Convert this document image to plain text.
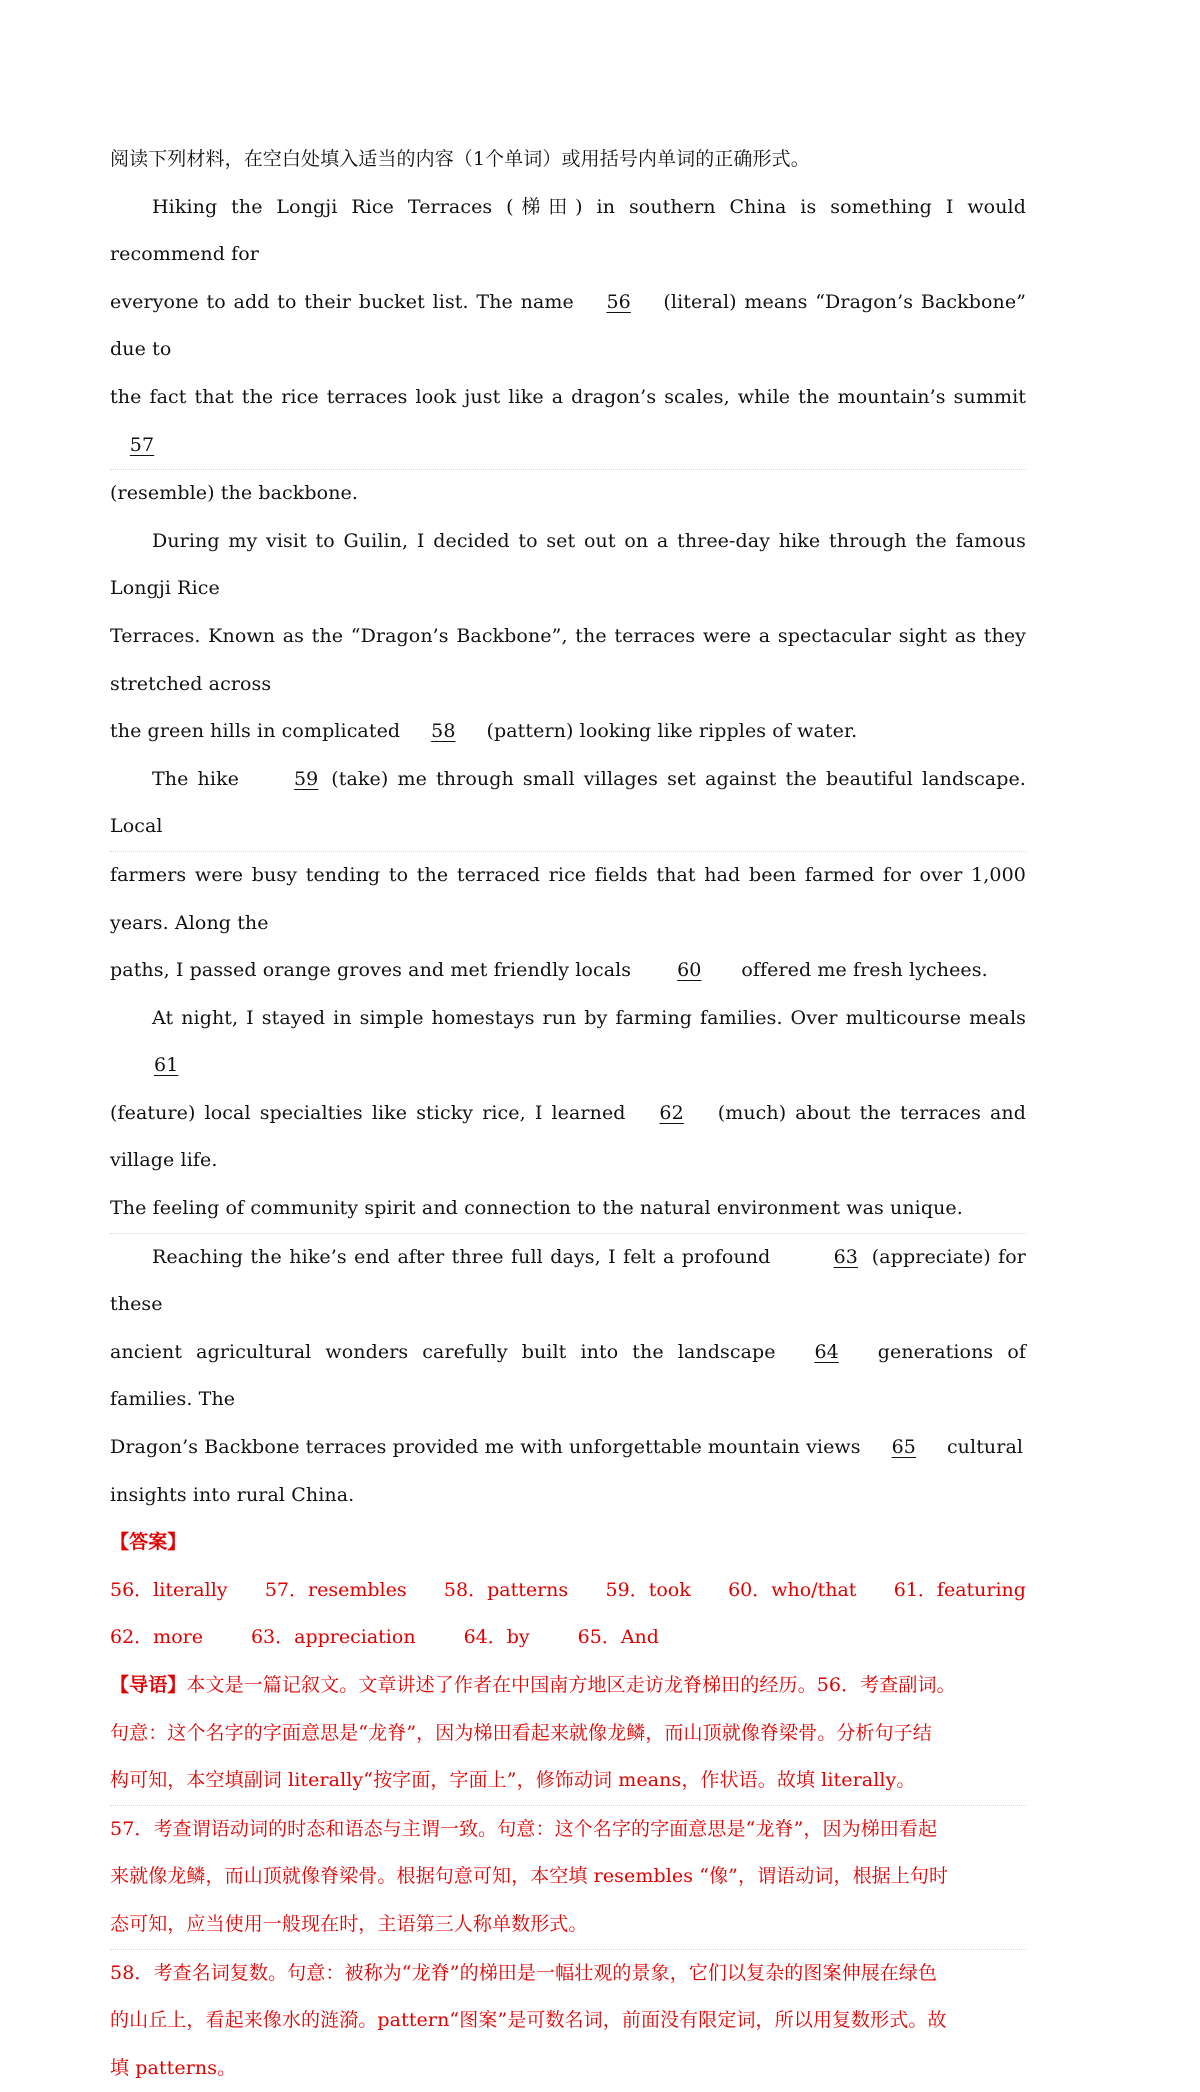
阅读下列材料，在空白处填入适当的内容（1个单词）或用括号内单词的正确形式。
Hiking the Longji Rice Terraces (梯田) in southern China is something I would recommend for
everyone to add to their bucket list. The name 56 (literal) means “Dragon’s Backbone” due to
the fact that the rice terraces look just like a dragon’s scales, while the mountain’s summit 57
(resemble) the backbone.
During my visit to Guilin, I decided to set out on a three-day hike through the famous Longji Rice
Terraces. Known as the “Dragon’s Backbone”, the terraces were a spectacular sight as they stretched across
the green hills in complicated 58 (pattern) looking like ripples of water.
The hike	59 (take) me through small villages set against the beautiful landscape. Local
farmers were busy tending to the terraced rice fields that had been farmed for over 1,000 years. Along the
paths, I passed orange groves and met friendly locals 60 offered me fresh lychees.
At night, I stayed in simple homestays run by farming families. Over multicourse meals 61
(feature) local specialties like sticky rice, I learned 62 (much) about the terraces and village life.
The feeling of community spirit and connection to the natural environment was unique.
Reaching the hike’s end after three full days, I felt a profound	63 (appreciate) for these
ancient agricultural wonders carefully built into the landscape 64 generations of families. The
Dragon’s Backbone terraces provided me with unforgettable mountain views 65 cultural
insights into rural China.
【答案】
56．literally 57．resembles 58．patterns 59．took 60．who/that 61．featuring
62．more	63．appreciation	64．by	65．And
【导语】本文是一篇记叙文。文章讲述了作者在中国南方地区走访龙脊梯田的经历。56．考查副词。
句意：这个名字的字面意思是“龙脊”，因为梯田看起来就像龙鳞，而山顶就像脊梁骨。分析句子结
构可知，本空填副词 literally“按字面，字面上”，修饰动词 means，作状语。故填 literally。
57．考查谓语动词的时态和语态与主谓一致。句意：这个名字的字面意思是“龙脊”，因为梯田看起
来就像龙鳞，而山顶就像脊梁骨。根据句意可知，本空填 resembles “像”，谓语动词，根据上句时
态可知，应当使用一般现在时，主语第三人称单数形式。
58．考查名词复数。句意：被称为“龙脊”的梯田是一幅壮观的景象，它们以复杂的图案伸展在绿色
的山丘上，看起来像水的涟漪。pattern“图案”是可数名词，前面没有限定词，所以用复数形式。故
填 patterns。
